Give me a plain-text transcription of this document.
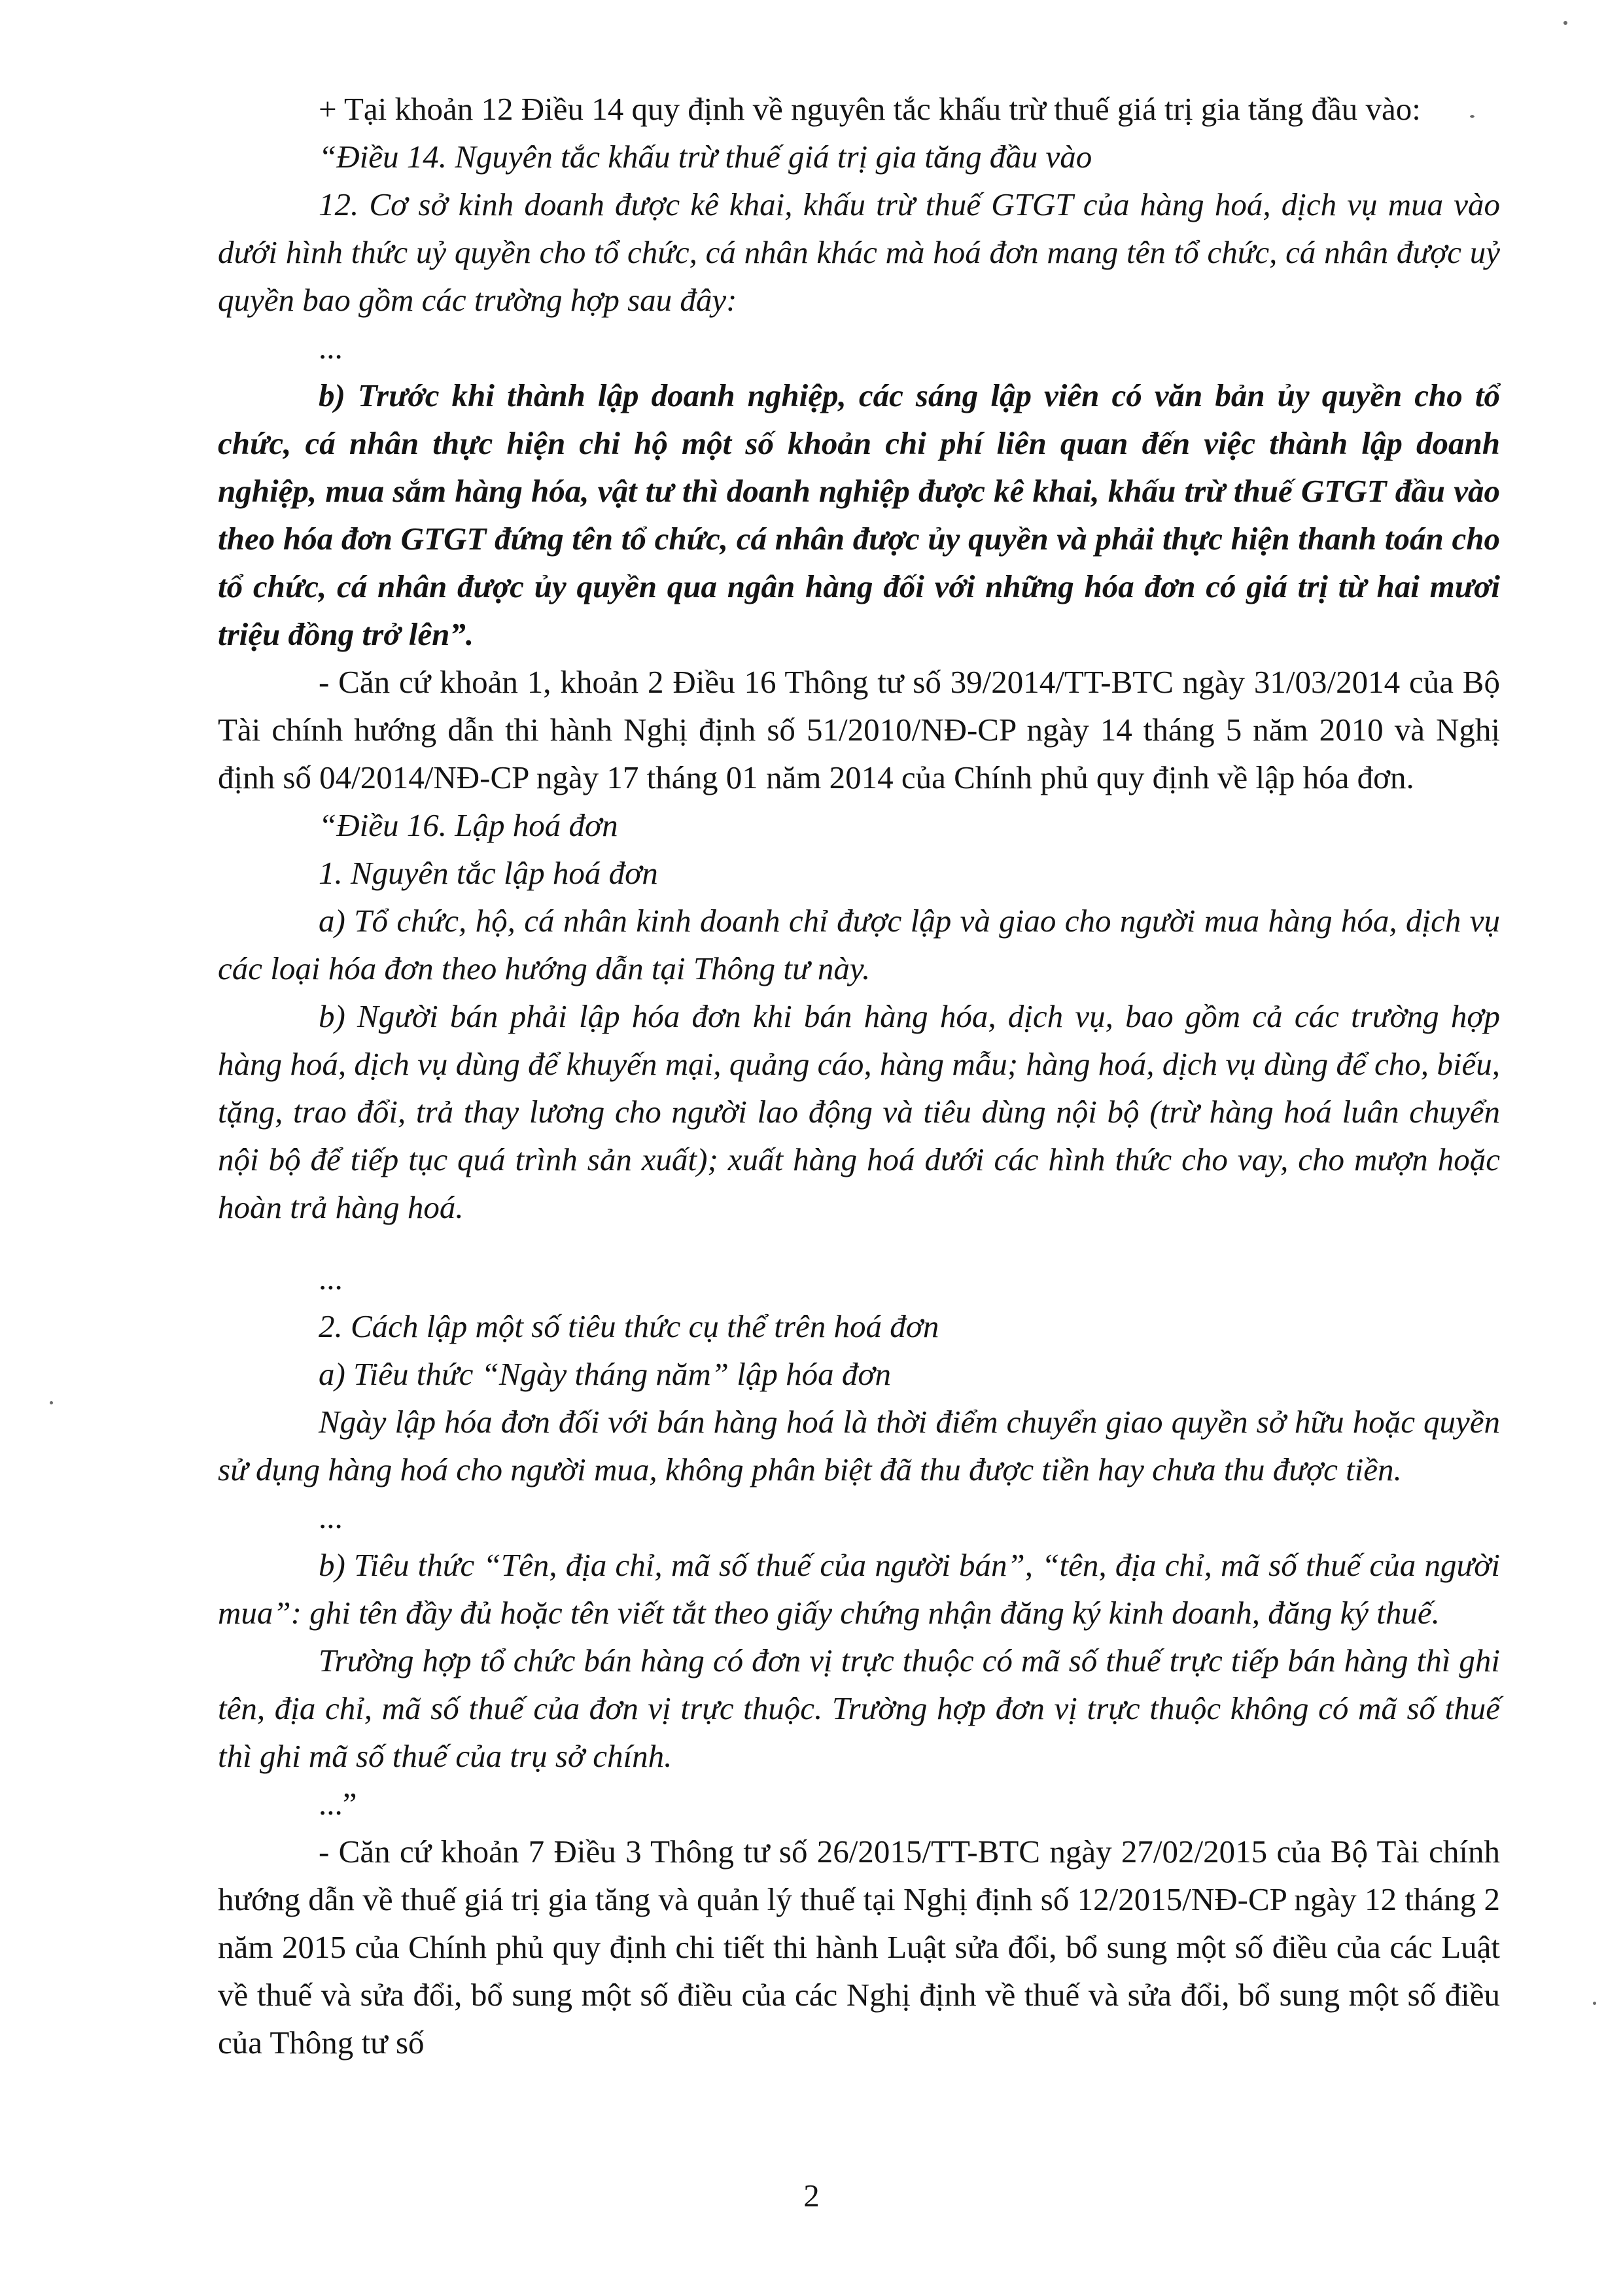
+ Tại khoản 12 Điều 14 quy định về nguyên tắc khấu trừ thuế giá trị gia tăng đầu vào:

“Điều 14. Nguyên tắc khấu trừ thuế giá trị gia tăng đầu vào

12. Cơ sở kinh doanh được kê khai, khấu trừ thuế GTGT của hàng hoá, dịch vụ mua vào dưới hình thức uỷ quyền cho tổ chức, cá nhân khác mà hoá đơn mang tên tổ chức, cá nhân được uỷ quyền bao gồm các trường hợp sau đây:

...

b) Trước khi thành lập doanh nghiệp, các sáng lập viên có văn bản ủy quyền cho tổ chức, cá nhân thực hiện chi hộ một số khoản chi phí liên quan đến việc thành lập doanh nghiệp, mua sắm hàng hóa, vật tư thì doanh nghiệp được kê khai, khấu trừ thuế GTGT đầu vào theo hóa đơn GTGT đứng tên tổ chức, cá nhân được ủy quyền và phải thực hiện thanh toán cho tổ chức, cá nhân được ủy quyền qua ngân hàng đối với những hóa đơn có giá trị từ hai mươi triệu đồng trở lên”.

- Căn cứ khoản 1, khoản 2 Điều 16 Thông tư số 39/2014/TT-BTC ngày 31/03/2014 của Bộ Tài chính hướng dẫn thi hành Nghị định số 51/2010/NĐ-CP ngày 14 tháng 5 năm 2010 và Nghị định số 04/2014/NĐ-CP ngày 17 tháng 01 năm 2014 của Chính phủ quy định về lập hóa đơn.

“Điều 16. Lập hoá đơn

1. Nguyên tắc lập hoá đơn

a) Tổ chức, hộ, cá nhân kinh doanh chỉ được lập và giao cho người mua hàng hóa, dịch vụ các loại hóa đơn theo hướng dẫn tại Thông tư này.

b) Người bán phải lập hóa đơn khi bán hàng hóa, dịch vụ, bao gồm cả các trường hợp hàng hoá, dịch vụ dùng để khuyến mại, quảng cáo, hàng mẫu; hàng hoá, dịch vụ dùng để cho, biếu, tặng, trao đổi, trả thay lương cho người lao động và tiêu dùng nội bộ (trừ hàng hoá luân chuyển nội bộ để tiếp tục quá trình sản xuất); xuất hàng hoá dưới các hình thức cho vay, cho mượn hoặc hoàn trả hàng hoá.

...

2. Cách lập một số tiêu thức cụ thể trên hoá đơn

a) Tiêu thức “Ngày tháng năm” lập hóa đơn

Ngày lập hóa đơn đối với bán hàng hoá là thời điểm chuyển giao quyền sở hữu hoặc quyền sử dụng hàng hoá cho người mua, không phân biệt đã thu được tiền hay chưa thu được tiền.

...

b) Tiêu thức “Tên, địa chỉ, mã số thuế của người bán”, “tên, địa chỉ, mã số thuế của người mua”: ghi tên đầy đủ hoặc tên viết tắt theo giấy chứng nhận đăng ký kinh doanh, đăng ký thuế.

Trường hợp tổ chức bán hàng có đơn vị trực thuộc có mã số thuế trực tiếp bán hàng thì ghi tên, địa chỉ, mã số thuế của đơn vị trực thuộc. Trường hợp đơn vị trực thuộc không có mã số thuế thì ghi mã số thuế của trụ sở chính.

...”

- Căn cứ khoản 7 Điều 3 Thông tư số 26/2015/TT-BTC ngày 27/02/2015 của Bộ Tài chính hướng dẫn về thuế giá trị gia tăng và quản lý thuế tại Nghị định số 12/2015/NĐ-CP ngày 12 tháng 2 năm 2015 của Chính phủ quy định chi tiết thi hành Luật sửa đổi, bổ sung một số điều của các Luật về thuế và sửa đổi, bổ sung một số điều của các Nghị định về thuế và sửa đổi, bổ sung một số điều của Thông tư số

2
